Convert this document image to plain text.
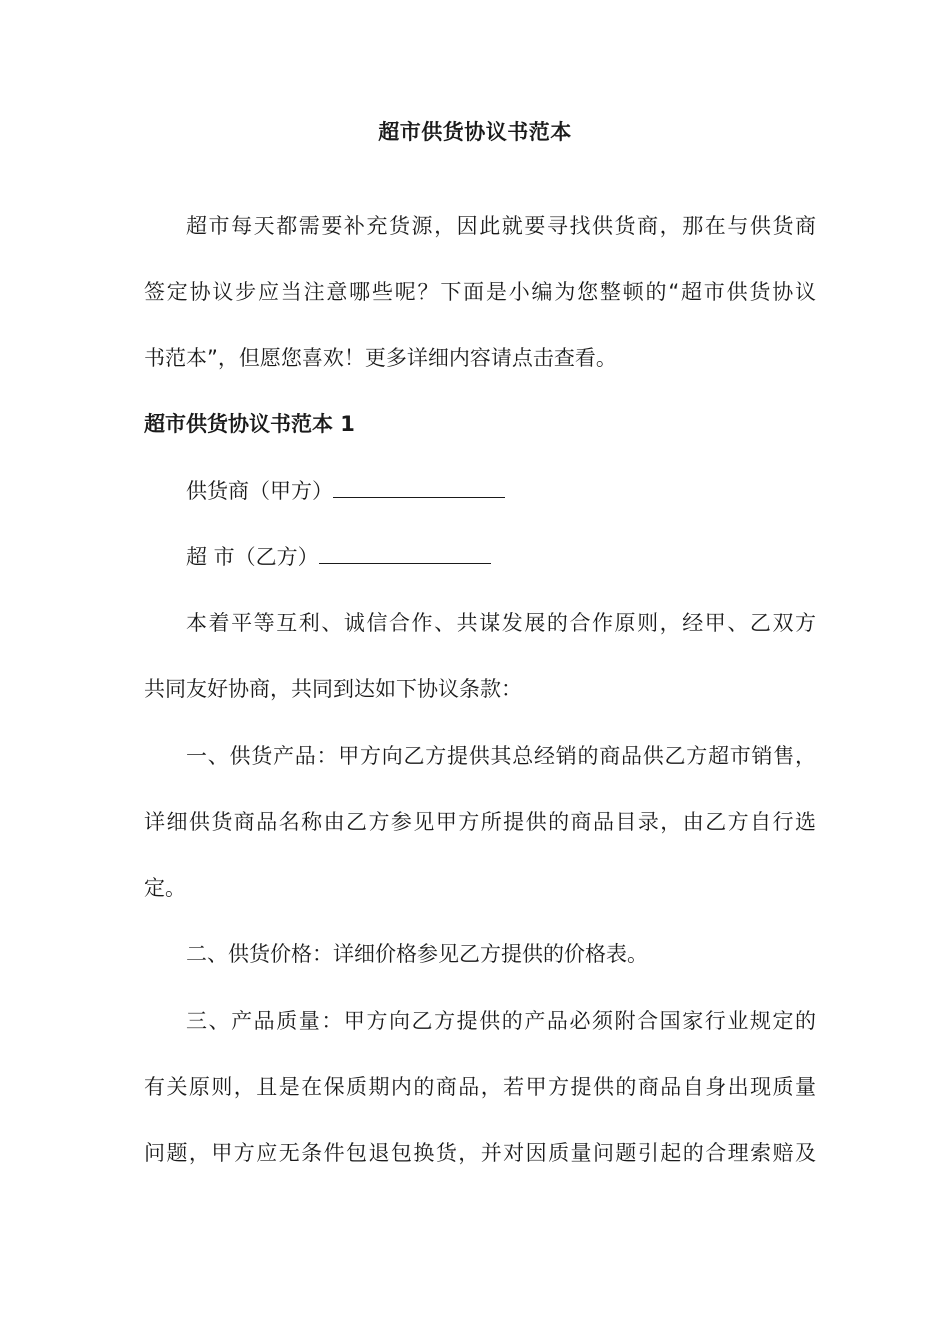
超市供货协议书范本
超市每天都需要补充货源，因此就要寻找供货商，那在与供货商
签定协议步应当注意哪些呢？下面是小编为您整顿的“超市供货协议
书范本”，但愿您喜欢！更多详细内容请点击查看。
超市供货协议书范本 1
供货商（甲方）
超 市（乙方）
本着平等互利、诚信合作、共谋发展的合作原则，经甲、乙双方
共同友好协商，共同到达如下协议条款：
一、供货产品：甲方向乙方提供其总经销的商品供乙方超市销售，
详细供货商品名称由乙方参见甲方所提供的商品目录，由乙方自行选
定。
二、供货价格：详细价格参见乙方提供的价格表。
三、产品质量：甲方向乙方提供的产品必须附合国家行业规定的
有关原则，且是在保质期内的商品，若甲方提供的商品自身出现质量
问题，甲方应无条件包退包换货，并对因质量问题引起的合理索赔及
